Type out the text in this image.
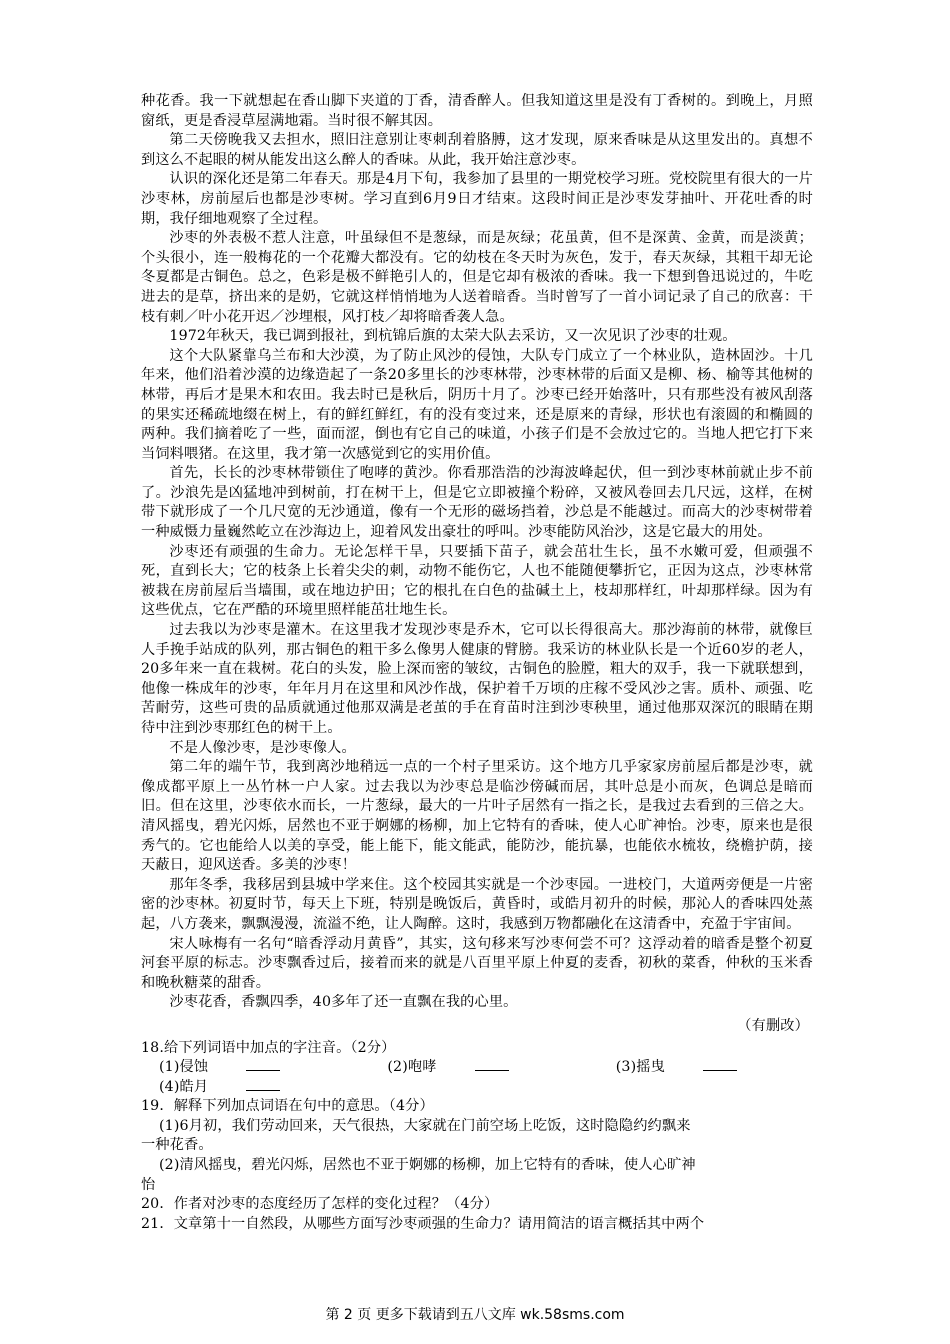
种花香。我一下就想起在香山脚下夹道的丁香，清香醉人。但我知道这里是没有丁香树的。到晚上，月照窗纸，更是香浸草屋满地霜。当时很不解其因。

第二天傍晚我又去担水，照旧注意别让枣刺刮着胳膊，这才发现，原来香味是从这里发出的。真想不到这么不起眼的树从能发出这么醉人的香味。从此，我开始注意沙枣。

认识的深化还是第二年春天。那是4月下旬，我参加了县里的一期党校学习班。党校院里有很大的一片沙枣林，房前屋后也都是沙枣树。学习直到6月9日才结束。这段时间正是沙枣发芽抽叶、开花吐香的时期，我仔细地观察了全过程。

沙枣的外表极不惹人注意，叶虽绿但不是葱绿，而是灰绿；花虽黄，但不是深黄、金黄，而是淡黄；个头很小，连一般梅花的一个花瓣大都没有。它的幼枝在冬天时为灰色，发于，春天灰绿，其粗干却无论冬夏都是古铜色。总之，色彩是极不鲜艳引人的，但是它却有极浓的香味。我一下想到鲁迅说过的，牛吃进去的是草，挤出来的是奶，它就这样悄悄地为人送着暗香。当时曾写了一首小词记录了自己的欣喜：干枝有刺／叶小花开迟／沙埋根，风打枝／却将暗香袭人急。

1972年秋天，我已调到报社，到杭锦后旗的太荣大队去采访，又一次见识了沙枣的壮观。

这个大队紧靠乌兰布和大沙漠，为了防止风沙的侵蚀，大队专门成立了一个林业队，造林固沙。十几年来，他们沿着沙漠的边缘造起了一条20多里长的沙枣林带，沙枣林带的后面又是柳、杨、榆等其他树的林带，再后才是果木和农田。我去时已是秋后，阴历十月了。沙枣已经开始落叶，只有那些没有被风刮落的果实还稀疏地缀在树上，有的鲜红鲜红，有的没有变过来，还是原来的青绿，形状也有滚圆的和椭圆的两种。我们摘着吃了一些，面而涩，倒也有它自己的味道，小孩子们是不会放过它的。当地人把它打下来当饲料喂猪。在这里，我才第一次感觉到它的实用价值。

首先，长长的沙枣林带锁住了咆哮的黄沙。你看那浩浩的沙海波峰起伏，但一到沙枣林前就止步不前了。沙浪先是凶猛地冲到树前，打在树干上，但是它立即被撞个粉碎，又被风卷回去几尺远，这样，在树带下就形成了一个几尺宽的无沙通道，像有一个无形的磁场挡着，沙总是不能越过。而高大的沙枣树带着一种威慑力量巍然屹立在沙海边上，迎着风发出豪壮的呼叫。沙枣能防风治沙，这是它最大的用处。

沙枣还有顽强的生命力。无论怎样干旱，只要插下苗子，就会茁壮生长，虽不水嫩可爱，但顽强不死，直到长大；它的枝条上长着尖尖的刺，动物不能伤它，人也不能随便攀折它，正因为这点，沙枣林常被栽在房前屋后当墙围，或在地边护田；它的根扎在白色的盐碱土上，枝却那样红，叶却那样绿。因为有这些优点，它在严酷的环境里照样能茁壮地生长。

过去我以为沙枣是灌木。在这里我才发现沙枣是乔木，它可以长得很高大。那沙海前的林带，就像巨人手挽手站成的队列，那古铜色的粗干多么像男人健康的臂膀。我采访的林业队长是一个近60岁的老人，20多年来一直在栽树。花白的头发，脸上深而密的皱纹，古铜色的脸膛，粗大的双手，我一下就联想到，他像一株成年的沙枣，年年月月在这里和风沙作战，保护着千万顷的庄稼不受风沙之害。质朴、顽强、吃苦耐劳，这些可贵的品质就通过他那双满是老茧的手在育苗时注到沙枣秧里，通过他那双深沉的眼睛在期待中注到沙枣那红色的树干上。

不是人像沙枣，是沙枣像人。

第二年的端午节，我到离沙地稍远一点的一个村子里采访。这个地方几乎家家房前屋后都是沙枣，就像成都平原上一丛竹林一户人家。过去我以为沙枣总是临沙傍碱而居，其叶总是小而灰，色调总是暗而旧。但在这里，沙枣依水而长，一片葱绿，最大的一片叶子居然有一指之长，是我过去看到的三倍之大。清风摇曳，碧光闪烁，居然也不亚于婀娜的杨柳，加上它特有的香味，使人心旷神怡。沙枣，原来也是很秀气的。它也能给人以美的享受，能上能下，能文能武，能防沙，能抗暴，也能依水梳妆，绕檐护荫，接天蔽日，迎风送香。多美的沙枣！

那年冬季，我移居到县城中学来住。这个校园其实就是一个沙枣园。一进校门，大道两旁便是一片密密的沙枣林。初夏时节，每天上下班，特别是晚饭后，黄昏时，或皓月初升的时候，那沁人的香味四处蒸起，八方袭来，飘飘漫漫，流溢不绝，让人陶醉。这时，我感到万物都融化在这清香中，充盈于宇宙间。

宋人咏梅有一名句“暗香浮动月黄昏”，其实，这句移来写沙枣何尝不可？这浮动着的暗香是整个初夏河套平原的标志。沙枣飘香过后，接着而来的就是八百里平原上仲夏的麦香，初秋的菜香，仲秋的玉米香和晚秋糖菜的甜香。

沙枣花香，香飘四季，40多年了还一直飘在我的心里。

（有删改）

18.给下列词语中加点的字注音。（2分）

(1)侵蚀	(2)咆哮	(3)摇曳 (4)皓月

19．解释下列加点词语在句中的意思。（4分）

(1)6月初，我们劳动回来，天气很热，大家就在门前空场上吃饭，这时隐隐约约飘来

一种花香。

(2)清风摇曳，碧光闪烁，居然也不亚于婀娜的杨柳，加上它特有的香味，使人心旷神

怡

20．作者对沙枣的态度经历了怎样的变化过程？（4分）

21．文章第十一自然段，从哪些方面写沙枣顽强的生命力？请用简洁的语言概括其中两个

第 2 页 更多下载请到五八文库 wk.58sms.com
